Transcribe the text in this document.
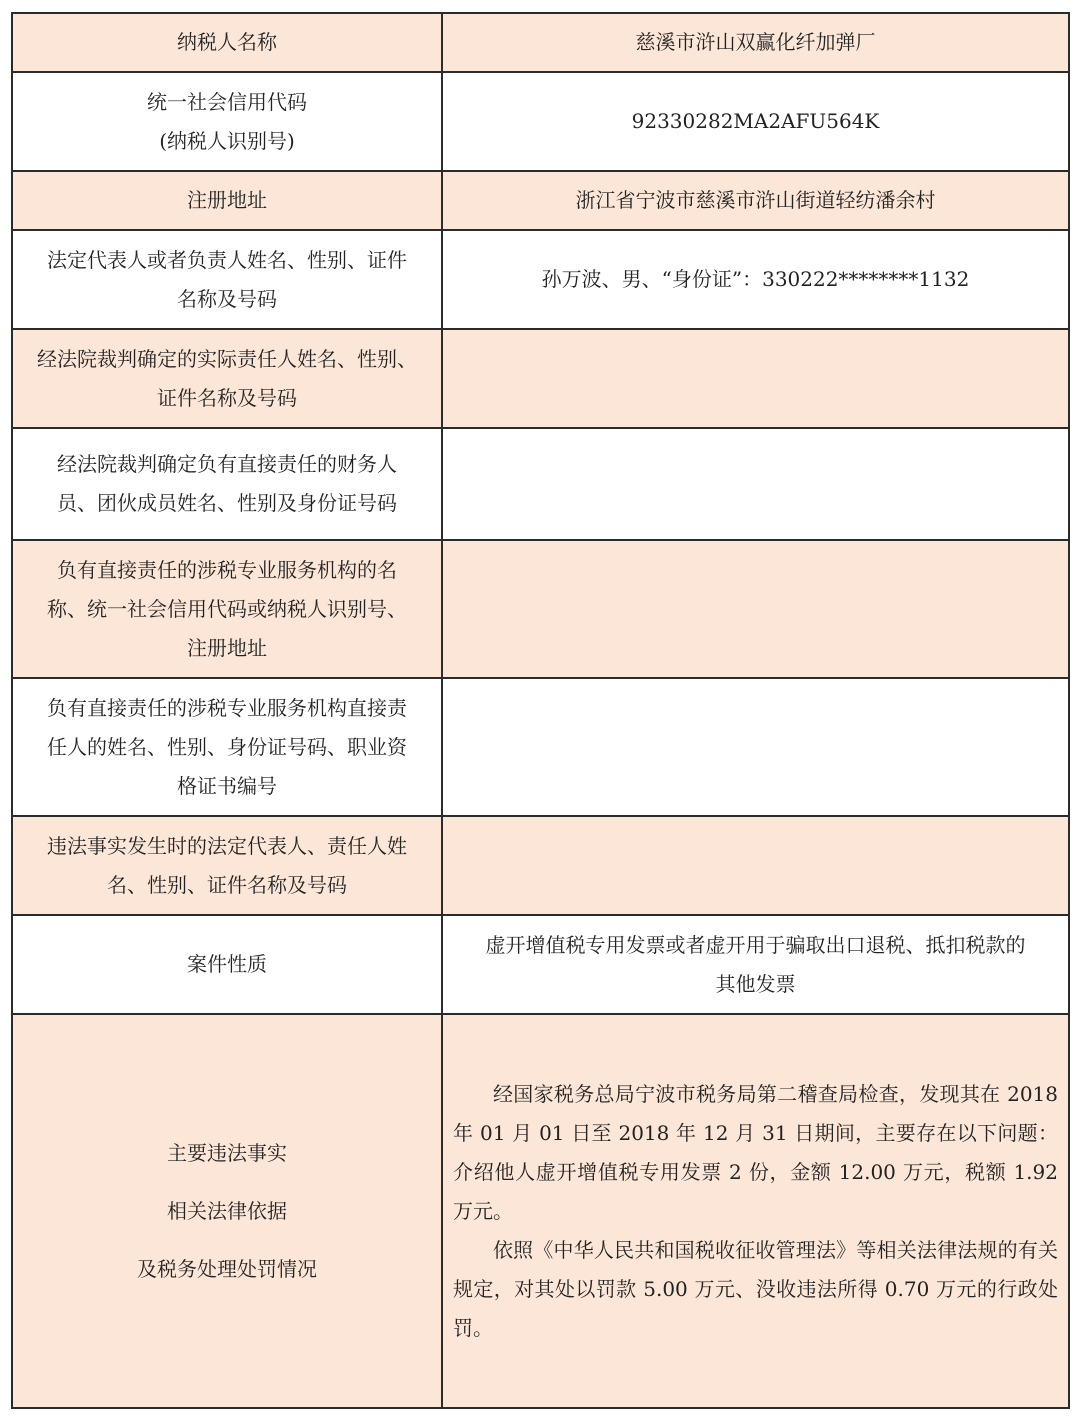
纳税人名称	慈溪市浒山双赢化纤加弹厂

统一社会信用代码
(纳税人识别号)	92330282MA2AFU564K

注册地址	浙江省宁波市慈溪市浒山街道轻纺潘余村

法定代表人或者负责人姓名、性别、证件
名称及号码	孙万波、男、“身份证”：330222********1132

经法院裁判确定的实际责任人姓名、性别、
证件名称及号码	

经法院裁判确定负有直接责任的财务人
员、团伙成员姓名、性别及身份证号码	

负有直接责任的涉税专业服务机构的名
称、统一社会信用代码或纳税人识别号、
注册地址	

负有直接责任的涉税专业服务机构直接责
任人的姓名、性别、身份证号码、职业资
格证书编号	

违法事实发生时的法定代表人、责任人姓
名、性别、证件名称及号码	

案件性质	虚开增值税专用发票或者虚开用于骗取出口退税、抵扣税款的
其他发票

主要违法事实
相关法律依据
及税务处理处罚情况	经国家税务总局宁波市税务局第二稽查局检查，发现其在 2018 年 01 月 01 日至 2018 年 12 月 31 日期间，主要存在以下问题：介绍他人虚开增值税专用发票 2 份，金额 12.00 万元，税额 1.92 万元。
依照《中华人民共和国税收征收管理法》等相关法律法规的有关规定，对其处以罚款 5.00 万元、没收违法所得 0.70 万元的行政处罚。
